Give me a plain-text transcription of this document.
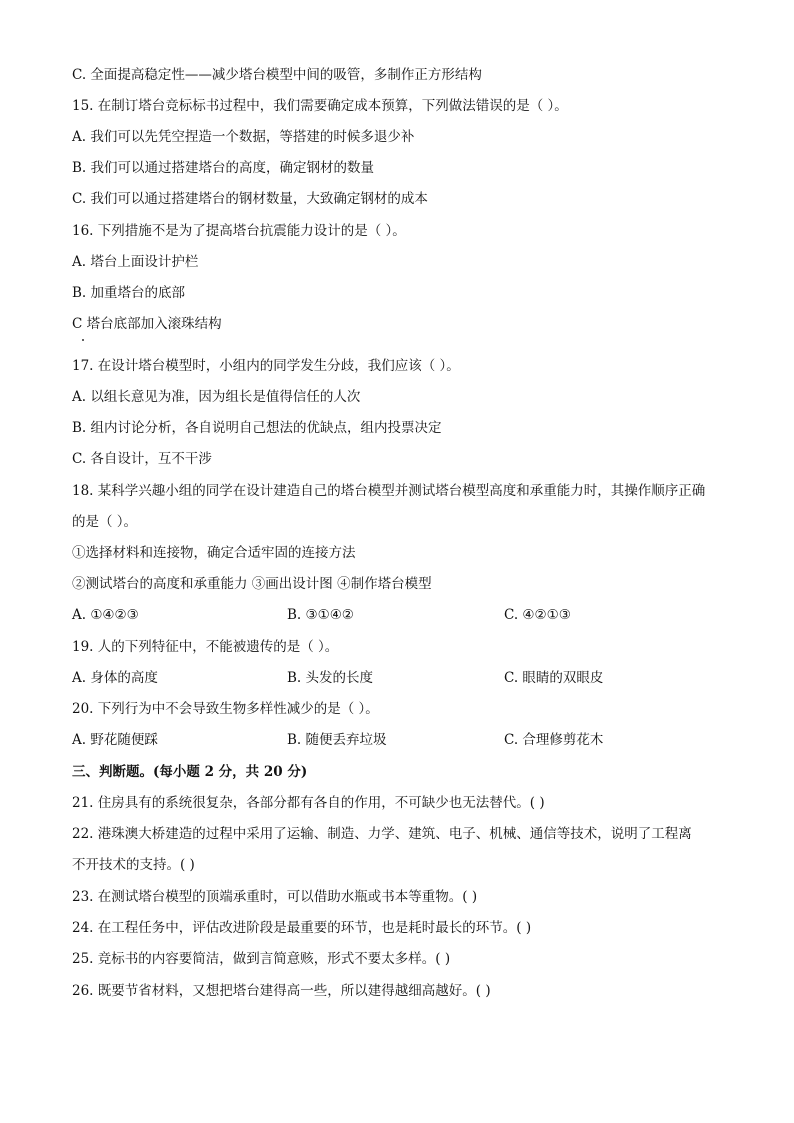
C. 全面提高稳定性——减少塔台模型中间的吸管，多制作正方形结构
15. 在制订塔台竞标标书过程中，我们需要确定成本预算，下列做法错误的是（ ）。
A. 我们可以先凭空捏造一个数据，等搭建的时候多退少补
B. 我们可以通过搭建塔台的高度，确定钢材的数量
C. 我们可以通过搭建塔台的钢材数量，大致确定钢材的成本
16. 下列措施不是为了提高塔台抗震能力设计的是（ ）。
A. 塔台上面设计护栏
B. 加重塔台的底部
C 塔台底部加入滚珠结构
17. 在设计塔台模型时，小组内的同学发生分歧，我们应该（ ）。
A. 以组长意见为准，因为组长是值得信任的人次
B. 组内讨论分析，各自说明自己想法的优缺点，组内投票决定
C. 各自设计，互不干涉
18. 某科学兴趣小组的同学在设计建造自己的塔台模型并测试塔台模型高度和承重能力时，其操作顺序正确
的是（ ）。
①选择材料和连接物，确定合适牢固的连接方法
②测试塔台的高度和承重能力 ③画出设计图 ④制作塔台模型
A. ①④②③	B. ③①④②	C. ④②①③
19. 人的下列特征中，不能被遗传的是（ ）。
A. 身体的高度	B. 头发的长度	C. 眼睛的双眼皮
20. 下列行为中不会导致生物多样性减少的是（ ）。
A. 野花随便踩	B. 随便丢弃垃圾	C. 合理修剪花木
三、判断题。(每小题 2 分，共 20 分)
21. 住房具有的系统很复杂，各部分都有各自的作用，不可缺少也无法替代。( )
22. 港珠澳大桥建造的过程中采用了运输、制造、力学、建筑、电子、机械、通信等技术，说明了工程离
不开技术的支持。( )
23. 在测试塔台模型的顶端承重时，可以借助水瓶或书本等重物。( )
24. 在工程任务中，评估改进阶段是最重要的环节，也是耗时最长的环节。( )
25. 竞标书的内容要简洁，做到言简意赅，形式不要太多样。( )
26. 既要节省材料，又想把塔台建得高一些，所以建得越细高越好。( )
